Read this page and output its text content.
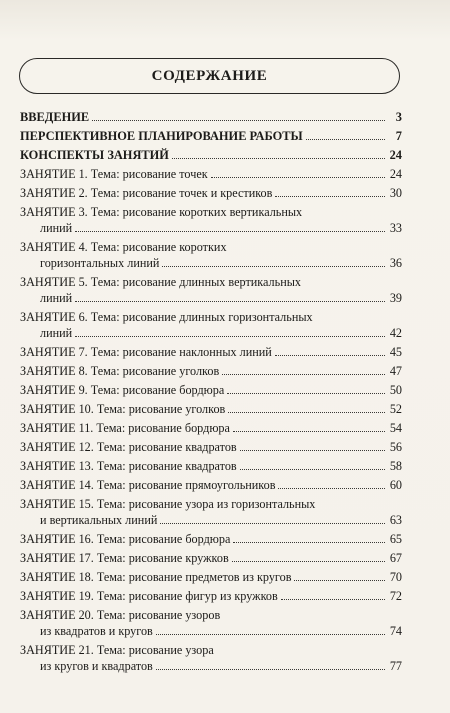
СОДЕРЖАНИЕ
ВВЕДЕНИЕ	3
ПЕРСПЕКТИВНОЕ ПЛАНИРОВАНИЕ РАБОТЫ	7
КОНСПЕКТЫ ЗАНЯТИЙ	24
ЗАНЯТИЕ 1. Тема: рисование точек	24
ЗАНЯТИЕ 2. Тема: рисование точек и крестиков	30
ЗАНЯТИЕ 3. Тема: рисование коротких вертикальных
линий	33
ЗАНЯТИЕ 4. Тема: рисование коротких
горизонтальных линий	36
ЗАНЯТИЕ 5. Тема: рисование длинных вертикальных
линий	39
ЗАНЯТИЕ 6. Тема: рисование длинных горизонтальных
линий	42
ЗАНЯТИЕ 7. Тема: рисование наклонных линий	45
ЗАНЯТИЕ 8. Тема: рисование уголков	47
ЗАНЯТИЕ 9. Тема: рисование бордюра	50
ЗАНЯТИЕ 10. Тема: рисование уголков	52
ЗАНЯТИЕ 11. Тема: рисование бордюра	54
ЗАНЯТИЕ 12. Тема: рисование квадратов	56
ЗАНЯТИЕ 13. Тема: рисование квадратов	58
ЗАНЯТИЕ 14. Тема: рисование прямоугольников	60
ЗАНЯТИЕ 15. Тема: рисование узора из горизонтальных
и вертикальных линий	63
ЗАНЯТИЕ 16. Тема: рисование бордюра	65
ЗАНЯТИЕ 17. Тема: рисование кружков	67
ЗАНЯТИЕ 18. Тема: рисование предметов из кругов	70
ЗАНЯТИЕ 19. Тема: рисование фигур из кружков	72
ЗАНЯТИЕ 20. Тема: рисование узоров
из квадратов и кругов	74
ЗАНЯТИЕ 21. Тема: рисование узора
из кругов и квадратов	77
